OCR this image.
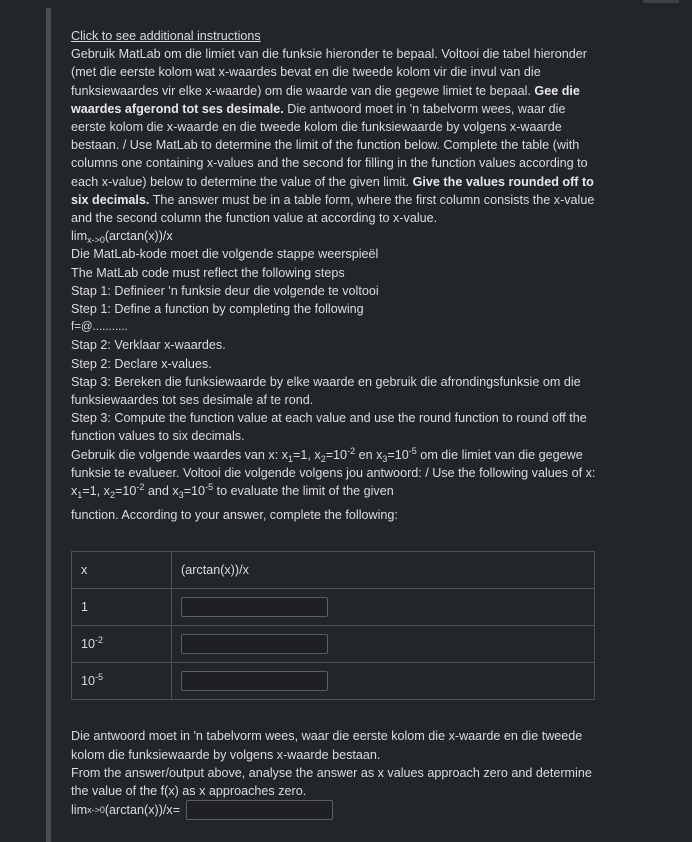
Click to see additional instructions

Gebruik MatLab om die limiet van die funksie hieronder te bepaal. Voltooi die tabel hieronder (met die eerste kolom wat x-waardes bevat en die tweede kolom vir die invul van die funksiewaardes vir elke x-waarde) om die waarde van die gegewe limiet te bepaal. Gee die waardes afgerond tot ses desimale. Die antwoord moet in 'n tabelvorm wees, waar die eerste kolom die x-waarde en die tweede kolom die funksiewaarde by volgens x-waarde bestaan. / Use MatLab to determine the limit of the function below. Complete the table (with columns one containing x-values and the second for filling in the function values according to each x-value) below to determine the value of the given limit. Give the values rounded off to six decimals. The answer must be in a table form, where the first column consists the x-value and the second column the function value at according to x-value.

$\lim_{x->0}(\arctan(x))/x$

Die MatLab-kode moet die volgende stappe weerspieël

The MatLab code must reflect the following steps

Stap 1: Definieer 'n funksie deur die volgende te voltooi

Step 1: Define a function by completing the following

f=@...........

Stap 2: Verklaar x-waardes.

Step 2: Declare x-values.

Stap 3: Bereken die funksiewaarde by elke waarde en gebruik die afrondingsfunksie om die funksiewaardes tot ses desimale af te rond.

Step 3: Compute the function value at each value and use the round function to round off the function values to six decimals.

Gebruik die volgende waardes van x: $x_1=1$, $x_2=10^{-2}$ en $x_3=10^{-5}$ om die limiet van die gegewe funksie te evalueer. Voltooi die volgende volgens jou antwoord: / Use the following values of x: $x_1=1$, $x_2=10^{-2}$ and $x_3=10^{-5}$ to evaluate the limit of the given

function. According to your answer, complete the following:

x	(arctan(x))/x
1	
$10^{-2}$	
$10^{-5}$	

Die antwoord moet in 'n tabelvorm wees, waar die eerste kolom die x-waarde en die tweede kolom die funksiewaarde by volgens x-waarde bestaan.

From the answer/output above, analyse the answer as x values approach zero and determine the value of the f(x) as x approaches zero.

lim x->0 (arctan(x))/x =
